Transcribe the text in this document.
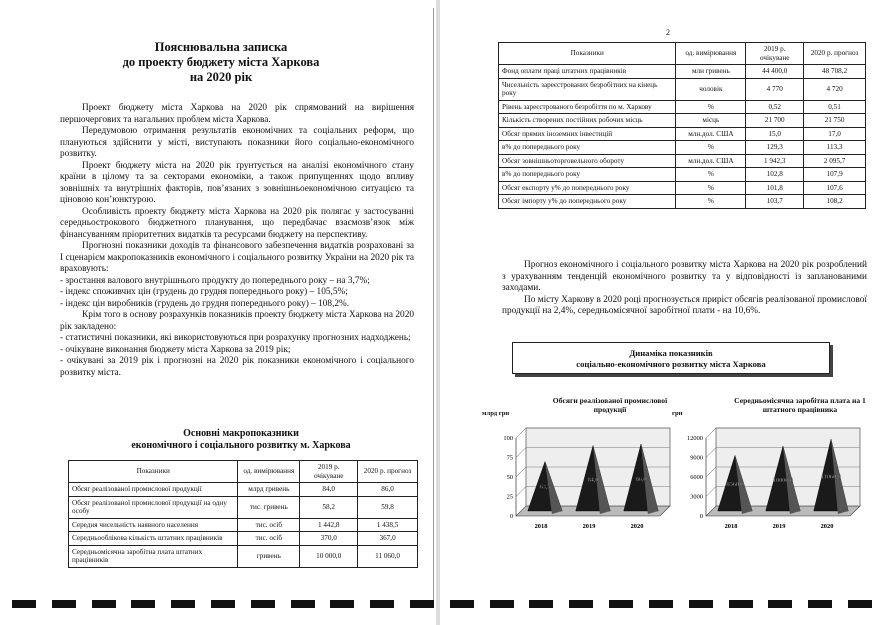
Пояснювальна записка
до проекту бюджету міста Харкова
на 2020 рік

Проект бюджету міста Харкова на 2020 рік спрямований на вирішення першочергових та нагальних проблем міста Харкова.

Передумовою отримання результатів економічних та соціальних реформ, що плануються здійснити у місті, виступають показники його соціально-економічного розвитку.

Проект бюджету міста на 2020 рік ґрунтується на аналізі економічного стану країни в цілому та за секторами економіки, а також припущеннях щодо впливу зовнішніх та внутрішніх факторів, пов’язаних з зовнішньоекономічною ситуацією та ціновою кон’юнктурою.

Особливість проекту бюджету міста Харкова на 2020 рік полягає у застосуванні середньострокового бюджетного планування, що передбачає взаємозв’язок між фінансуванням пріоритетних видатків та ресурсами бюджету на перспективу.

Прогнозні показники доходів та фінансового забезпечення видатків розраховані за І сценарієм макропоказників економічного і соціального розвитку України на 2020 рік та враховують:

- зростання валового внутрішнього продукту до попереднього року – на 3,7%;

- індекс споживчих цін (грудень до грудня попереднього року) – 105,5%;

- індекс цін виробників (грудень до грудня попереднього року) – 108,2%.

Крім того в основу розрахунків показників проекту бюджету міста Харкова на 2020 рік закладено:

- статистичні показники, які використовуються при розрахунку прогнозних надходжень;

- очікуване виконання бюджету міста Харкова за 2019 рік;

- очікувані за 2019 рік і прогнозні на 2020 рік показники економічного і соціального розвитку міста.

Основні макропоказники
економічного і соціального розвитку м. Харкова
Показники	од. вимірювання	2019 р. очікуване	2020 р. прогноз
Обсяг реалізованої промислової продукції	млрд гривень	84,0	86,0
Обсяг реалізованої промислової продукції на одну особу	тис. гривень	58,2	59,8
Середня чисельність наявного населення	тис. осіб	1 442,8	1 438,5
Середньооблікова кількість штатних працівників	тис. осіб	370,0	367,0
Середньомісячна заробітна плата штатних працівників	гривень	10 000,0	11 060,0
2
Показники	од. вимірювання	2019 р. очікуване	2020 р. прогноз
Фонд оплати праці штатних працівників	млн гривень	44 400,0	48 708,2
Чисельність зареєстрованих безробітних на кінець року	чоловік	4 770	4 720
Рівень зареєстрованого безробіття по м. Харкову	%	0,52	0,51
Кількість створених постійних робочих місць	місць	21 700	21 750
Обсяг прямих іноземних інвестицій	млн.дол. США	15,0	17,0
в% до попереднього року	%	129,3	113,3
Обсяг зовнішньоторговельного обороту	млн.дол. США	1 942,3	2 095,7
в% до попереднього року	%	102,8	107,9
Обсяг експорту у% до попереднього року	%	101,8	107,6
Обсяг імпорту у% до попереднього року	%	103,7	108,2

Прогноз економічного і соціального розвитку міста Харкова на 2020 рік розроблений з урахуванням тенденцій економічного розвитку та у відповідності із запланованими заходами.

По місту Харкову в 2020 році прогнозується приріст обсягів реалізованої промислової продукції на 2,4%, середньомісячної заробітної плати - на 10,6%.

Динаміка показників
соціально-економічного розвитку міста Харкова
Обсяги реалізованої промислової продукції
млрд грн
0
25
50
75
100
63,5
2018
84,0
2019
86,0
2020
Середньомісячна заробітна плата на 1 штатного працівника
грн
0
3000
6000
9000
12000
8560,0
2018
10000,0
2019
11060,0
2020
